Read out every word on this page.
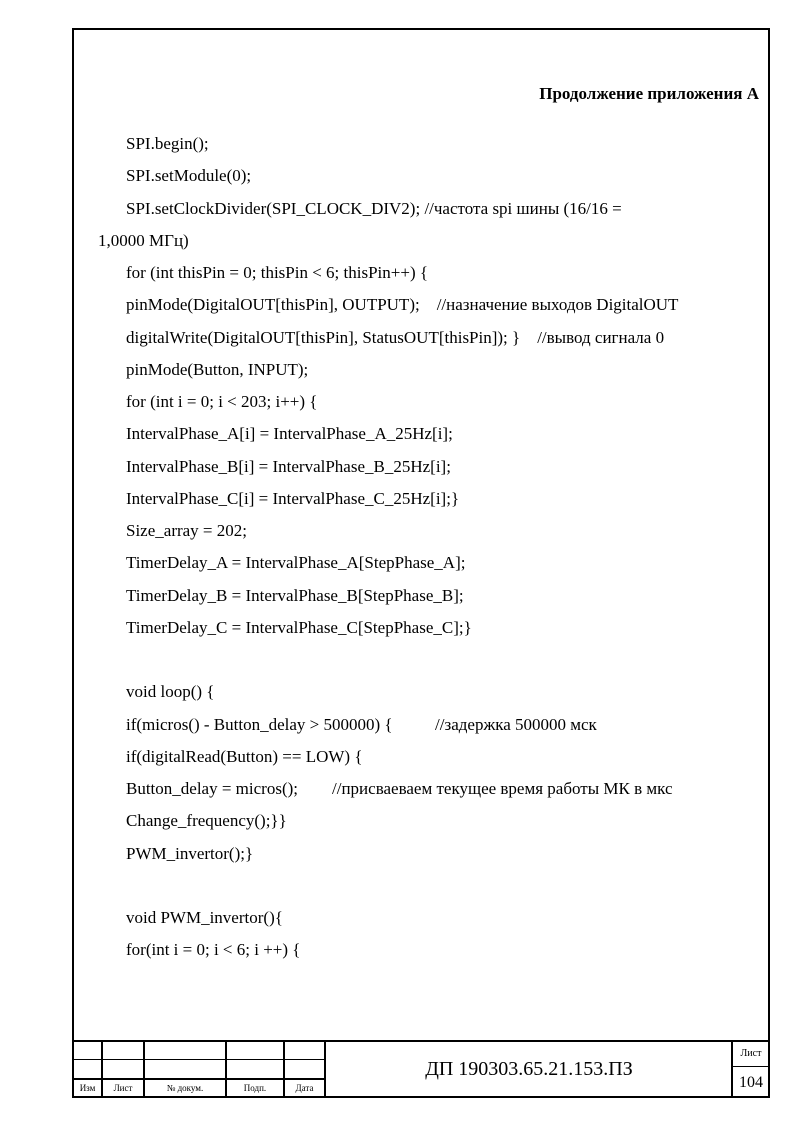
Продолжение приложения А
SPI.begin();
SPI.setModule(0);
SPI.setClockDivider(SPI_CLOCK_DIV2); //частота spi шины (16/16 =
1,0000 МГц)
for (int thisPin = 0; thisPin < 6; thisPin++) {
pinMode(DigitalOUT[thisPin], OUTPUT);    //назначение выходов DigitalOUT
digitalWrite(DigitalOUT[thisPin], StatusOUT[thisPin]); }    //вывод сигнала 0
pinMode(Button, INPUT);
for (int i = 0; i < 203; i++) {
IntervalPhase_A[i] = IntervalPhase_A_25Hz[i];
IntervalPhase_B[i] = IntervalPhase_B_25Hz[i];
IntervalPhase_C[i] = IntervalPhase_C_25Hz[i];}
Size_array = 202;
TimerDelay_A = IntervalPhase_A[StepPhase_A];
TimerDelay_B = IntervalPhase_B[StepPhase_B];
TimerDelay_C = IntervalPhase_C[StepPhase_C];}
void loop() {
if(micros() - Button_delay > 500000) {          //задержка 500000 мск
if(digitalRead(Button) == LOW) {
Button_delay = micros();        //присваеваем текущее время работы МК в мкс
Change_frequency();}}
PWM_invertor();}
void PWM_invertor(){
for(int i = 0; i < 6; i ++) {
Изм	Лист	№ докум.	Подп.	Дата
ДП 190303.65.21.153.ПЗ
Лист
104
